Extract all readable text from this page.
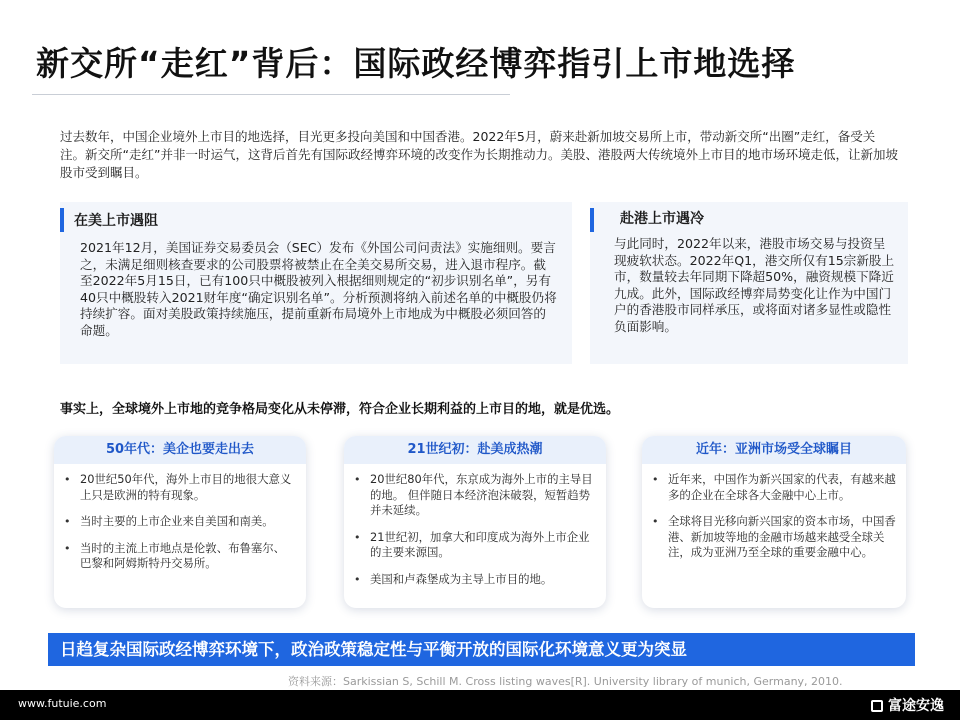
新交所“走红”背后：国际政经博弈指引上市地选择
过去数年，中国企业境外上市目的地选择，目光更多投向美国和中国香港。2022年5月，蔚来赴新加坡交易所上市，带动新交所“出圈”走红，备受关注。新交所“走红”并非一时运气，这背后首先有国际政经博弈环境的改变作为长期推动力。美股、港股两大传统境外上市目的地市场环境走低，让新加坡股市受到瞩目。
在美上市遇阻
2021年12月，美国证券交易委员会（SEC）发布《外国公司问责法》实施细则。要言之，未满足细则核查要求的公司股票将被禁止在全美交易所交易，进入退市程序。截至2022年5月15日，已有100只中概股被列入根据细则规定的“初步识别名单”，另有40只中概股转入2021财年度“确定识别名单”。分析预测将纳入前述名单的中概股仍将持续扩容。面对美股政策持续施压，提前重新布局境外上市地成为中概股必须回答的命题。
赴港上市遇冷
与此同时，2022年以来，港股市场交易与投资呈现疲软状态。2022年Q1，港交所仅有15宗新股上市，数量较去年同期下降超50%，融资规模下降近九成。此外，国际政经博弈局势变化让作为中国门户的香港股市同样承压，或将面对诸多显性或隐性负面影响。
事实上，全球境外上市地的竞争格局变化从未停滞，符合企业长期利益的上市目的地，就是优选。
50年代：美企也要走出去
• 20世纪50年代，海外上市目的地很大意义上只是欧洲的特有现象。
• 当时主要的上市企业来自美国和南美。
• 当时的主流上市地点是伦敦、布鲁塞尔、巴黎和阿姆斯特丹交易所。
21世纪初：赴美成热潮
• 20世纪80年代，东京成为海外上市的主导目的地。 但伴随日本经济泡沫破裂，短暂趋势并未延续。
• 21世纪初，加拿大和印度成为海外上市企业的主要来源国。
• 美国和卢森堡成为主导上市目的地。
近年：亚洲市场受全球瞩目
• 近年来，中国作为新兴国家的代表，有越来越多的企业在全球各大金融中心上市。
• 全球将目光移向新兴国家的资本市场，中国香港、新加坡等地的金融市场越来越受全球关注，成为亚洲乃至全球的重要金融中心。
日趋复杂国际政经博弈环境下，政治政策稳定性与平衡开放的国际化环境意义更为突显
资料来源：Sarkissian S, Schill M. Cross listing waves[R]. University library of munich, Germany, 2010.
www.futuie.com	富途安逸
